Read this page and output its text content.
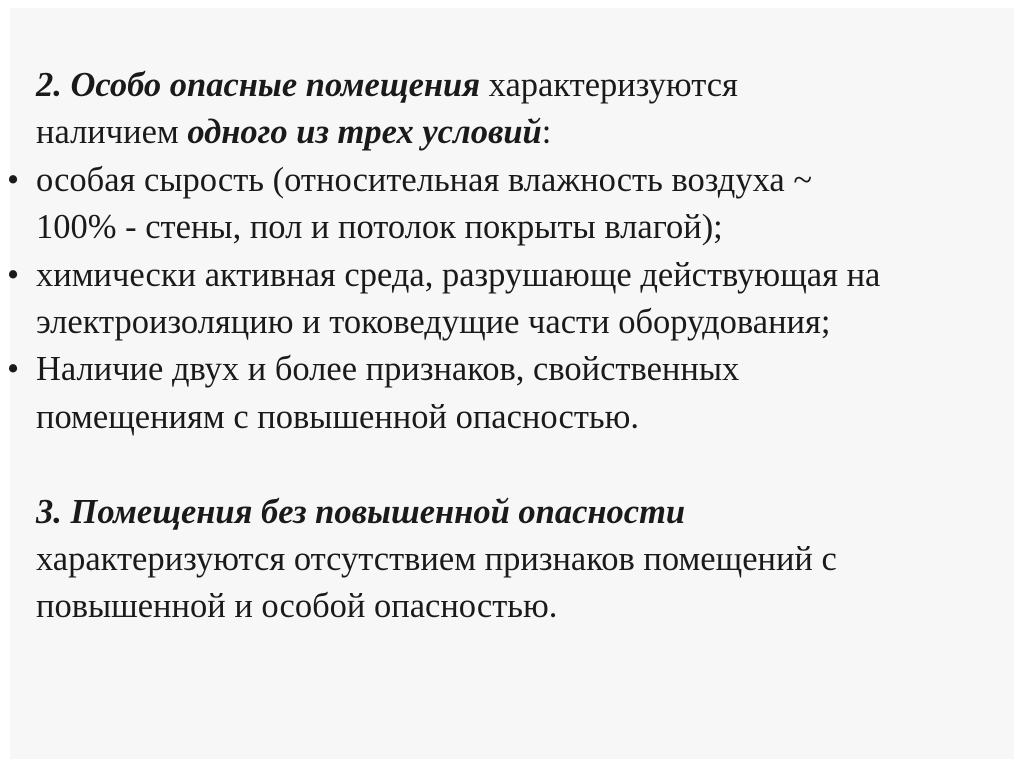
2. Особо опасные помещения характеризуются
наличием одного из трех условий:
• особая сырость (относительная влажность воздуха ~
100% - стены, пол и потолок покрыты влагой);
• химически активная среда, разрушающе действующая на
электроизоляцию и токоведущие части оборудования;
• Наличие двух и более признаков, свойственных
помещениям с повышенной опасностью.
3. Помещения без повышенной опасности
характеризуются отсутствием признаков помещений с
повышенной и особой опасностью.
